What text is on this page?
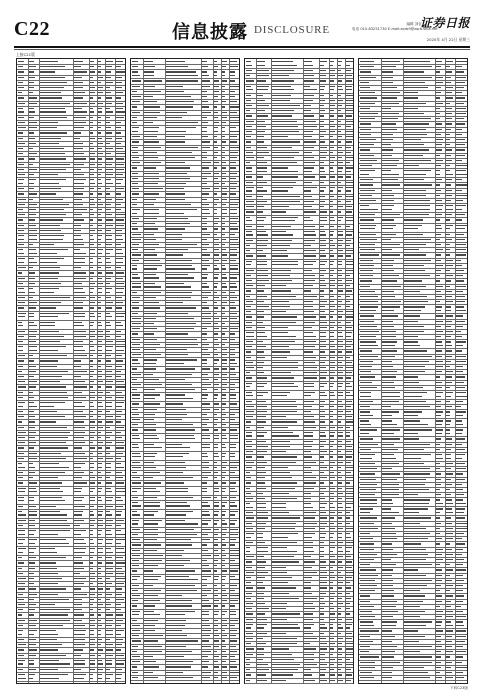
C22	信息披露 DISCLOSURE	编辑 刘亿
电话 010-83251730 E-mail:zqrb9@zqrb.sina.net
证券日报
2020年 4月 22日 星期三
上接C21版
下转C23版
